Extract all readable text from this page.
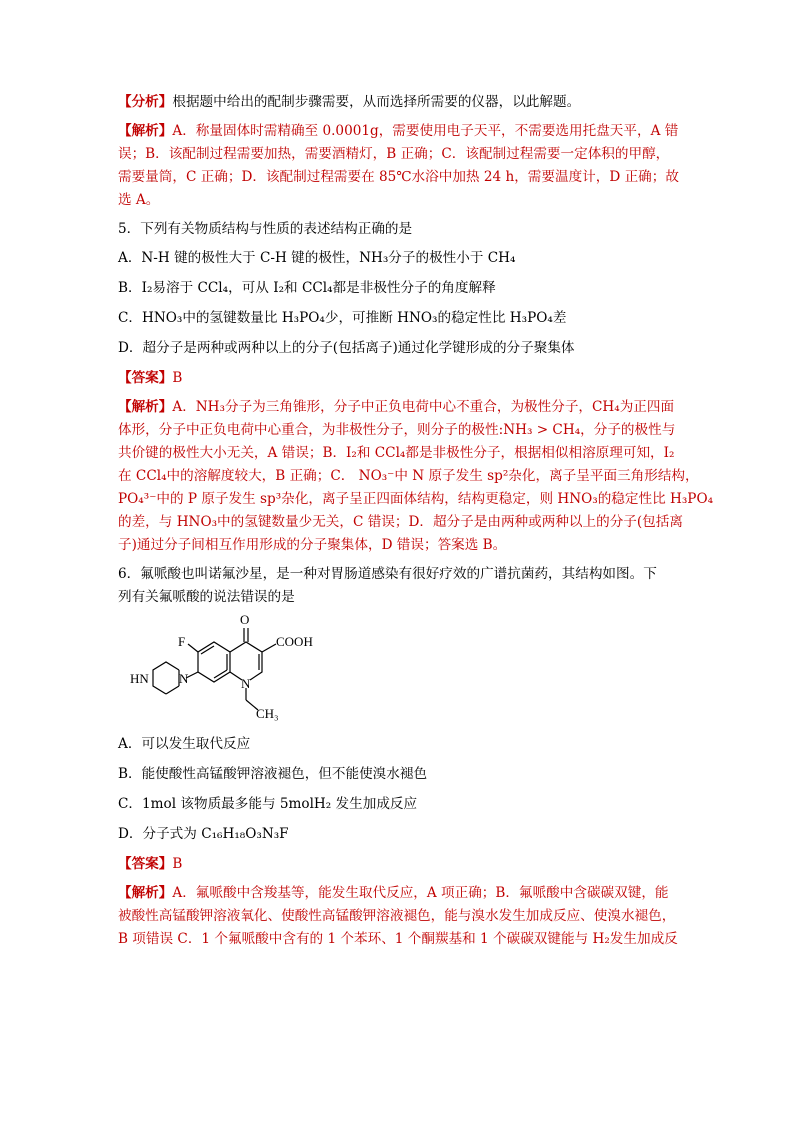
【分析】根据题中给出的配制步骤需要，从而选择所需要的仪器，以此解题。

【解析】A．称量固体时需精确至 0.0001g，需要使用电子天平，不需要选用托盘天平，A 错

误；B．该配制过程需要加热，需要酒精灯，B 正确；C．该配制过程需要一定体积的甲醇，

需要量筒，C 正确；D．该配制过程需要在 85℃水浴中加热 24 h，需要温度计，D 正确；故

选 A。

5．下列有关物质结构与性质的表述结构正确的是

A．N-H 键的极性大于 C-H 键的极性，NH₃分子的极性小于 CH₄

B．I₂易溶于 CCl₄，可从 I₂和 CCl₄都是非极性分子的角度解释

C．HNO₃中的氢键数量比 H₃PO₄少，可推断 HNO₃的稳定性比 H₃PO₄差

D．超分子是两种或两种以上的分子(包括离子)通过化学键形成的分子聚集体

【答案】B

【解析】A．NH₃分子为三角锥形，分子中正负电荷中心不重合，为极性分子，CH₄为正四面

体形，分子中正负电荷中心重合，为非极性分子，则分子的极性:NH₃ > CH₄，分子的极性与

共价键的极性大小无关，A 错误；B．I₂和 CCl₄都是非极性分子，根据相似相溶原理可知，I₂

在 CCl₄中的溶解度较大，B 正确；C． NO₃⁻中 N 原子发生 sp²杂化，离子呈平面三角形结构，

PO₄³⁻中的 P 原子发生 sp³杂化，离子呈正四面体结构，结构更稳定，则 HNO₃的稳定性比 H₃PO₄

的差，与 HNO₃中的氢键数量少无关，C 错误；D．超分子是由两种或两种以上的分子(包括离

子)通过分子间相互作用形成的分子聚集体，D 错误；答案选 B。

6．氟哌酸也叫诺氟沙星，是一种对胃肠道感染有很好疗效的广谱抗菌药，其结构如图。下

列有关氟哌酸的说法错误的是

O
F	COOH
HN N	N
CH₃

A．可以发生取代反应

B．能使酸性高锰酸钾溶液褪色，但不能使溴水褪色

C．1mol 该物质最多能与 5molH₂ 发生加成反应

D．分子式为 C₁₆H₁₈O₃N₃F

【答案】B

【解析】A．氟哌酸中含羧基等，能发生取代反应，A 项正确；B．氟哌酸中含碳碳双键，能

被酸性高锰酸钾溶液氧化、使酸性高锰酸钾溶液褪色，能与溴水发生加成反应、使溴水褪色，

B 项错误 C．1 个氟哌酸中含有的 1 个苯环、1 个酮羰基和 1 个碳碳双键能与 H₂发生加成反
